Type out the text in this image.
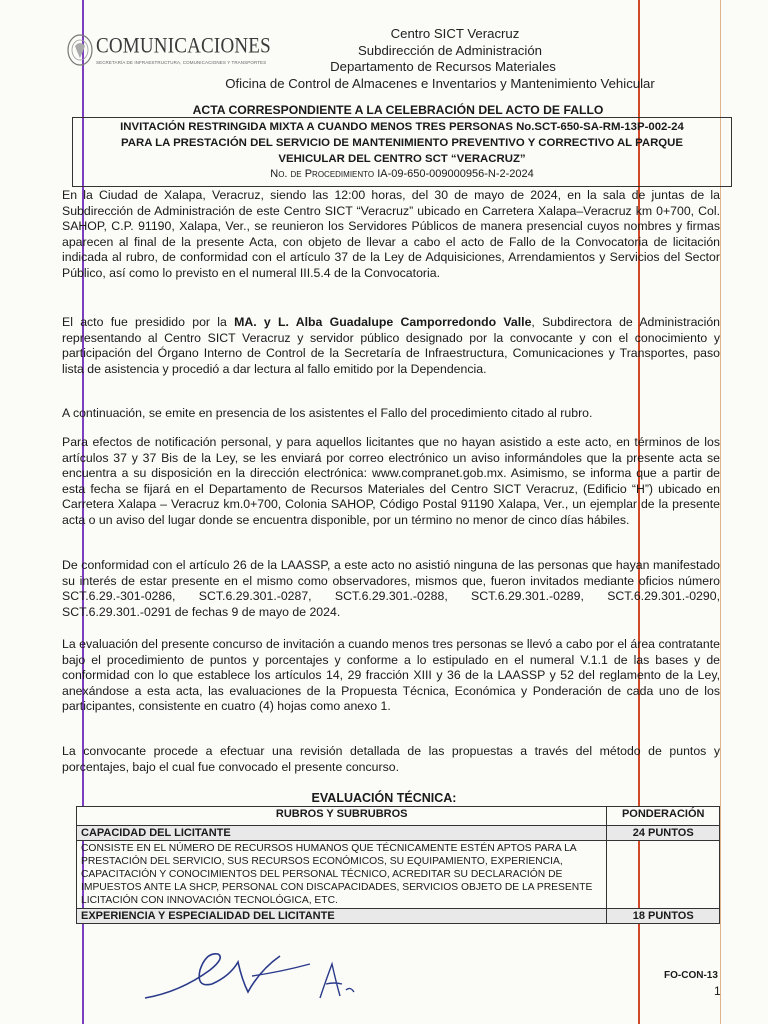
COMUNICACIONES
SECRETARÍA DE INFRAESTRUCTURA, COMUNICACIONES Y TRANSPORTES
Centro SICT Veracruz
Subdirección de Administración
Departamento de Recursos Materiales
Oficina de Control de Almacenes e Inventarios y Mantenimiento Vehicular
ACTA CORRESPONDIENTE A LA CELEBRACIÓN DEL ACTO DE FALLO
INVITACIÓN RESTRINGIDA MIXTA A CUANDO MENOS TRES PERSONAS No.SCT-650-SA-RM-13P-002-24
PARA LA PRESTACIÓN DEL SERVICIO DE MANTENIMIENTO PREVENTIVO Y CORRECTIVO AL PARQUE
VEHICULAR DEL CENTRO SCT “VERACRUZ”
No. de Procedimiento IA-09-650-009000956-N-2-2024
En la Ciudad de Xalapa, Veracruz, siendo las 12:00 horas, del 30 de mayo de 2024, en la sala de juntas de la Subdirección de Administración de este Centro SICT “Veracruz” ubicado en Carretera Xalapa–Veracruz km 0+700, Col. SAHOP, C.P. 91190, Xalapa, Ver., se reunieron los Servidores Públicos de manera presencial cuyos nombres y firmas aparecen al final de la presente Acta, con objeto de llevar a cabo el acto de Fallo de la Convocatoria de licitación indicada al rubro, de conformidad con el artículo 37 de la Ley de Adquisiciones, Arrendamientos y Servicios del Sector Público, así como lo previsto en el numeral III.5.4 de la Convocatoria.
El acto fue presidido por la MA. y L. Alba Guadalupe Camporredondo Valle, Subdirectora de Administración representando al Centro SICT Veracruz y servidor público designado por la convocante y con el conocimiento y participación del Órgano Interno de Control de la Secretaría de Infraestructura, Comunicaciones y Transportes, paso lista de asistencia y procedió a dar lectura al fallo emitido por la Dependencia.
A continuación, se emite en presencia de los asistentes el Fallo del procedimiento citado al rubro.
Para efectos de notificación personal, y para aquellos licitantes que no hayan asistido a este acto, en términos de los artículos 37 y 37 Bis de la Ley, se les enviará por correo electrónico un aviso informándoles que la presente acta se encuentra a su disposición en la dirección electrónica: www.compranet.gob.mx. Asimismo, se informa que a partir de esta fecha se fijará en el Departamento de Recursos Materiales del Centro SICT Veracruz, (Edificio “H”) ubicado en Carretera Xalapa – Veracruz km.0+700, Colonia SAHOP, Código Postal 91190 Xalapa, Ver., un ejemplar de la presente acta o un aviso del lugar donde se encuentra disponible, por un término no menor de cinco días hábiles.
De conformidad con el artículo 26 de la LAASSP, a este acto no asistió ninguna de las personas que hayan manifestado su interés de estar presente en el mismo como observadores, mismos que, fueron invitados mediante oficios número SCT.6.29.-301-0286, SCT.6.29.301.-0287, SCT.6.29.301.-0288, SCT.6.29.301.-0289, SCT.6.29.301.-0290, SCT.6.29.301.-0291 de fechas 9 de mayo de 2024.
La evaluación del presente concurso de invitación a cuando menos tres personas se llevó a cabo por el área contratante bajo el procedimiento de puntos y porcentajes y conforme a lo estipulado en el numeral V.1.1 de las bases y de conformidad con lo que establece los artículos 14, 29 fracción XIII y 36 de la LAASSP y 52 del reglamento de la Ley, anexándose a esta acta, las evaluaciones de la Propuesta Técnica, Económica y Ponderación de cada uno de los participantes, consistente en cuatro (4) hojas como anexo 1.
La convocante procede a efectuar una revisión detallada de las propuestas a través del método de puntos y porcentajes, bajo el cual fue convocado el presente concurso.
EVALUACIÓN TÉCNICA:
RUBROS Y SUBRUBROS	PONDERACIÓN
CAPACIDAD DEL LICITANTE	24 PUNTOS
CONSISTE EN EL NÚMERO DE RECURSOS HUMANOS QUE TÉCNICAMENTE ESTÉN APTOS PARA LA PRESTACIÓN DEL SERVICIO, SUS RECURSOS ECONÓMICOS, SU EQUIPAMIENTO, EXPERIENCIA, CAPACITACIÓN Y CONOCIMIENTOS DEL PERSONAL TÉCNICO, ACREDITAR SU DECLARACIÓN DE IMPUESTOS ANTE LA SHCP, PERSONAL CON DISCAPACIDADES, SERVICIOS OBJETO DE LA PRESENTE LICITACIÓN CON INNOVACIÓN TECNOLÓGICA, ETC.	
EXPERIENCIA Y ESPECIALIDAD DEL LICITANTE	18 PUNTOS
FO-CON-13
1
